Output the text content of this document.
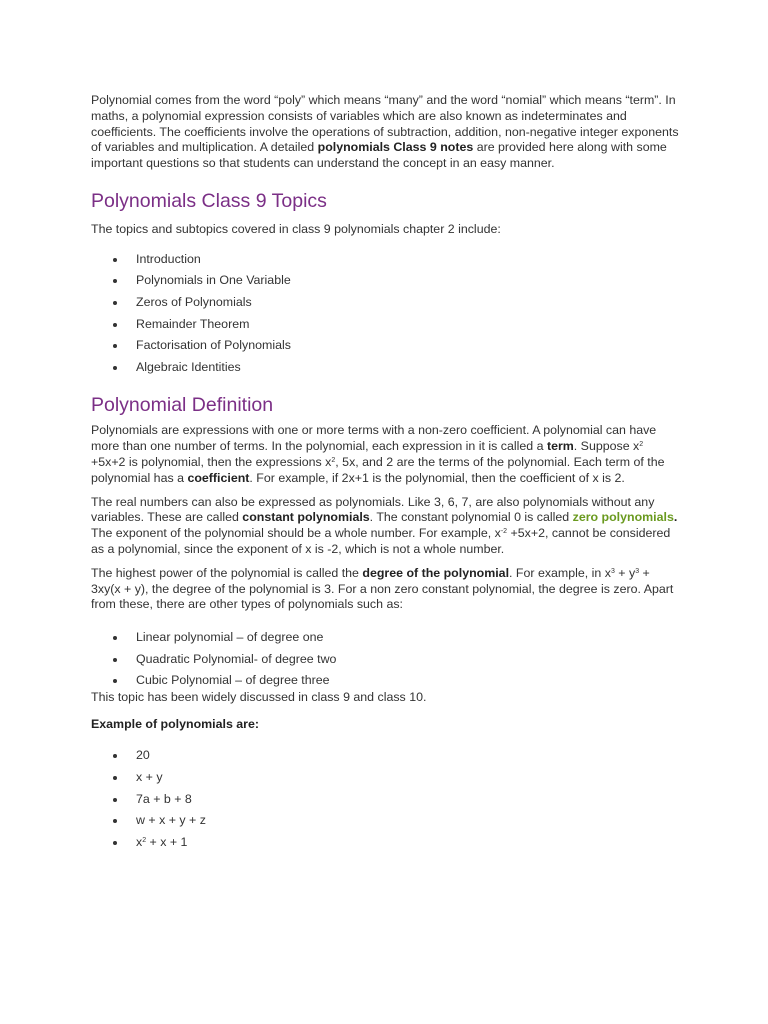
Polynomial comes from the word “poly” which means “many” and the word “nomial” which means “term”. In maths, a polynomial expression consists of variables which are also known as indeterminates and coefficients. The coefficients involve the operations of subtraction, addition, non-negative integer exponents of variables and multiplication. A detailed polynomials Class 9 notes are provided here along with some important questions so that students can understand the concept in an easy manner.

Polynomials Class 9 Topics

The topics and subtopics covered in class 9 polynomials chapter 2 include:

Introduction
Polynomials in One Variable
Zeros of Polynomials
Remainder Theorem
Factorisation of Polynomials
Algebraic Identities
Polynomial Definition

Polynomials are expressions with one or more terms with a non-zero coefficient. A polynomial can have more than one number of terms. In the polynomial, each expression in it is called a term. Suppose $x^2 +5x+2$ is polynomial, then the expressions $x^2$, 5x, and 2 are the terms of the polynomial. Each term of the polynomial has a coefficient. For example, if 2x+1 is the polynomial, then the coefficient of x is 2.

The real numbers can also be expressed as polynomials. Like 3, 6, 7, are also polynomials without any variables. These are called constant polynomials. The constant polynomial 0 is called zero polynomials. The exponent of the polynomial should be a whole number. For example, $x^{-2} +5x+2$, cannot be considered as a polynomial, since the exponent of x is -2, which is not a whole number.

The highest power of the polynomial is called the degree of the polynomial. For example, in $x^3 + y^3 + 3xy(x + y)$, the degree of the polynomial is 3. For a non zero constant polynomial, the degree is zero. Apart from these, there are other types of polynomials such as:

Linear polynomial – of degree one
Quadratic Polynomial- of degree two
Cubic Polynomial – of degree three

This topic has been widely discussed in class 9 and class 10.

Example of polynomials are:

20
x + y
7a + b + 8
w + x + y + z
$x^2 + x + 1$
